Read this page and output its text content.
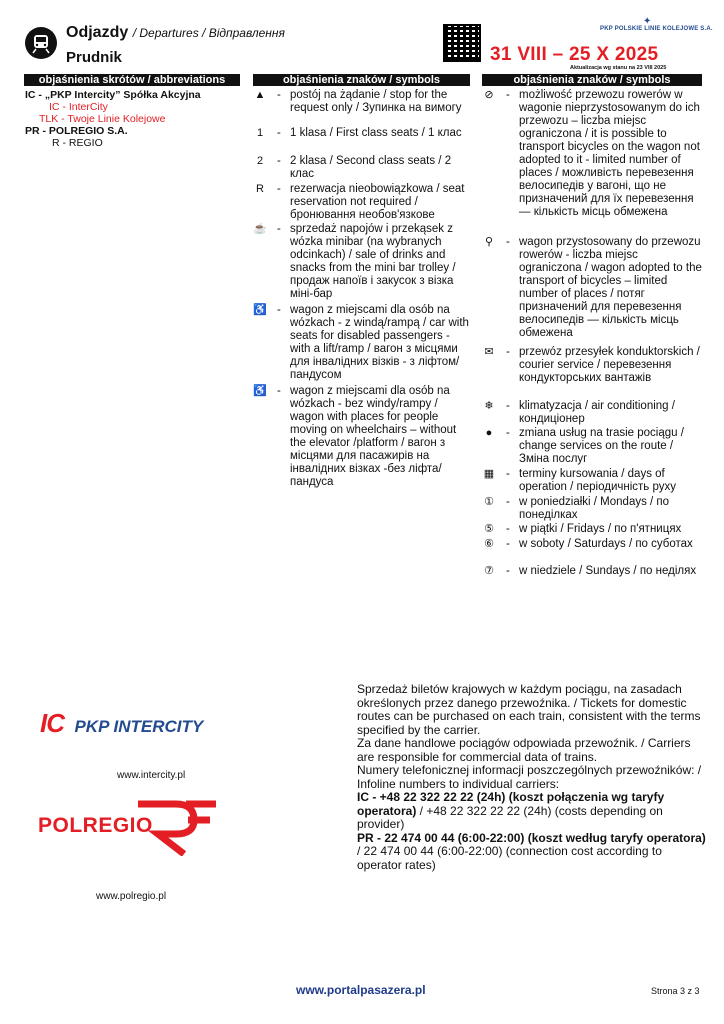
Odjazdy / Departures / Відправлення
Prudnik
✦
PKP POLSKIE LINIE KOLEJOWE S.A.
31 VIII – 25 X 2025
Aktualizacja wg stanu na 23 VIII 2025
objaśnienia skrótów / abbreviations	objaśnienia znaków / symbols	objaśnienia znaków / symbols
IC - „PKP Intercity” Spółka Akcyjna
IC - InterCity
TLK - Twoje Linie Kolejowe
PR - POLREGIO S.A.
R - REGIO
▲ - postój na żądanie / stop for the request only / Зупинка на вимогу
1	- 1 klasa / First class seats / 1 клас
2	- 2 klasa / Second class seats / 2 клас
R - rezerwacja nieobowiązkowa / seat reservation not required / бронювання необов'язкове
☕ - sprzedaż napojów i przekąsek z wózka minibar (na wybranych odcinkach) / sale of drinks and snacks from the mini bar trolley / продаж напоїв і закусок з візка міні-бар
♿ - wagon z miejscami dla osób na wózkach - z windą/rampą / car with seats for disabled passengers - with a lift/ramp / вагон з місцями для інвалідних візків - з ліфтом/пандусом
♿ - wagon z miejscami dla osób na wózkach - bez windy/rampy / wagon with places for people moving on wheelchairs – without the elevator /platform / вагон з місцями для пасажирів на інвалідних візках -без ліфта/пандуса
⊘ - możliwość przewozu rowerów w wagonie nieprzystosowanym do ich przewozu – liczba miejsc ograniczona / it is possible to transport bicycles on the wagon not adopted to it - limited number of places / можливість перевезення велосипедів у вагоні, що не призначений для їх перевезення — кількість місць обмежена
⚲ - wagon przystosowany do przewozu rowerów - liczba miejsc ograniczona / wagon adopted to the transport of bicycles – limited number of places / потяг призначений для перевезення велосипедів — кількість місць обмежена
✉ - przewóz przesyłek konduktorskich / courier service / перевезення кондукторських вантажів
❄ - klimatyzacja / air conditioning / кондиціонер
●	- zmiana usług na trasie pociągu / change services on the route / Зміна послуг
▦ - terminy kursowania / days of operation / періодичність руху
① - w poniedziałki / Mondays / по понеділках
⑤ - w piątki / Fridays / по п'ятницях
⑥ - w soboty / Saturdays / по суботах
⑦ - w niedziele / Sundays / по неділях
IC PKP INTERCITY
www.intercity.pl
POLREGIO
www.polregio.pl

Sprzedaż biletów krajowych w każdym pociągu, na zasadach określonych przez danego przewoźnika. / Tickets for domestic routes can be purchased on each train, consistent with the terms specified by the carrier.

Za dane handlowe pociągów odpowiada przewoźnik. / Carriers are responsible for commercial data of trains.

Numery telefonicznej informacji poszczególnych przewoźników: / Infoline numbers to individual carriers:

IC - +48 22 322 22 22 (24h) (koszt połączenia wg taryfy operatora) / +48 22 322 22 22 (24h) (costs depending on provider)

PR - 22 474 00 44 (6:00-22:00) (koszt według taryfy operatora) / 22 474 00 44 (6:00-22:00) (connection cost according to operator rates)

www.portalpasazera.pl	Strona 3 z 3
